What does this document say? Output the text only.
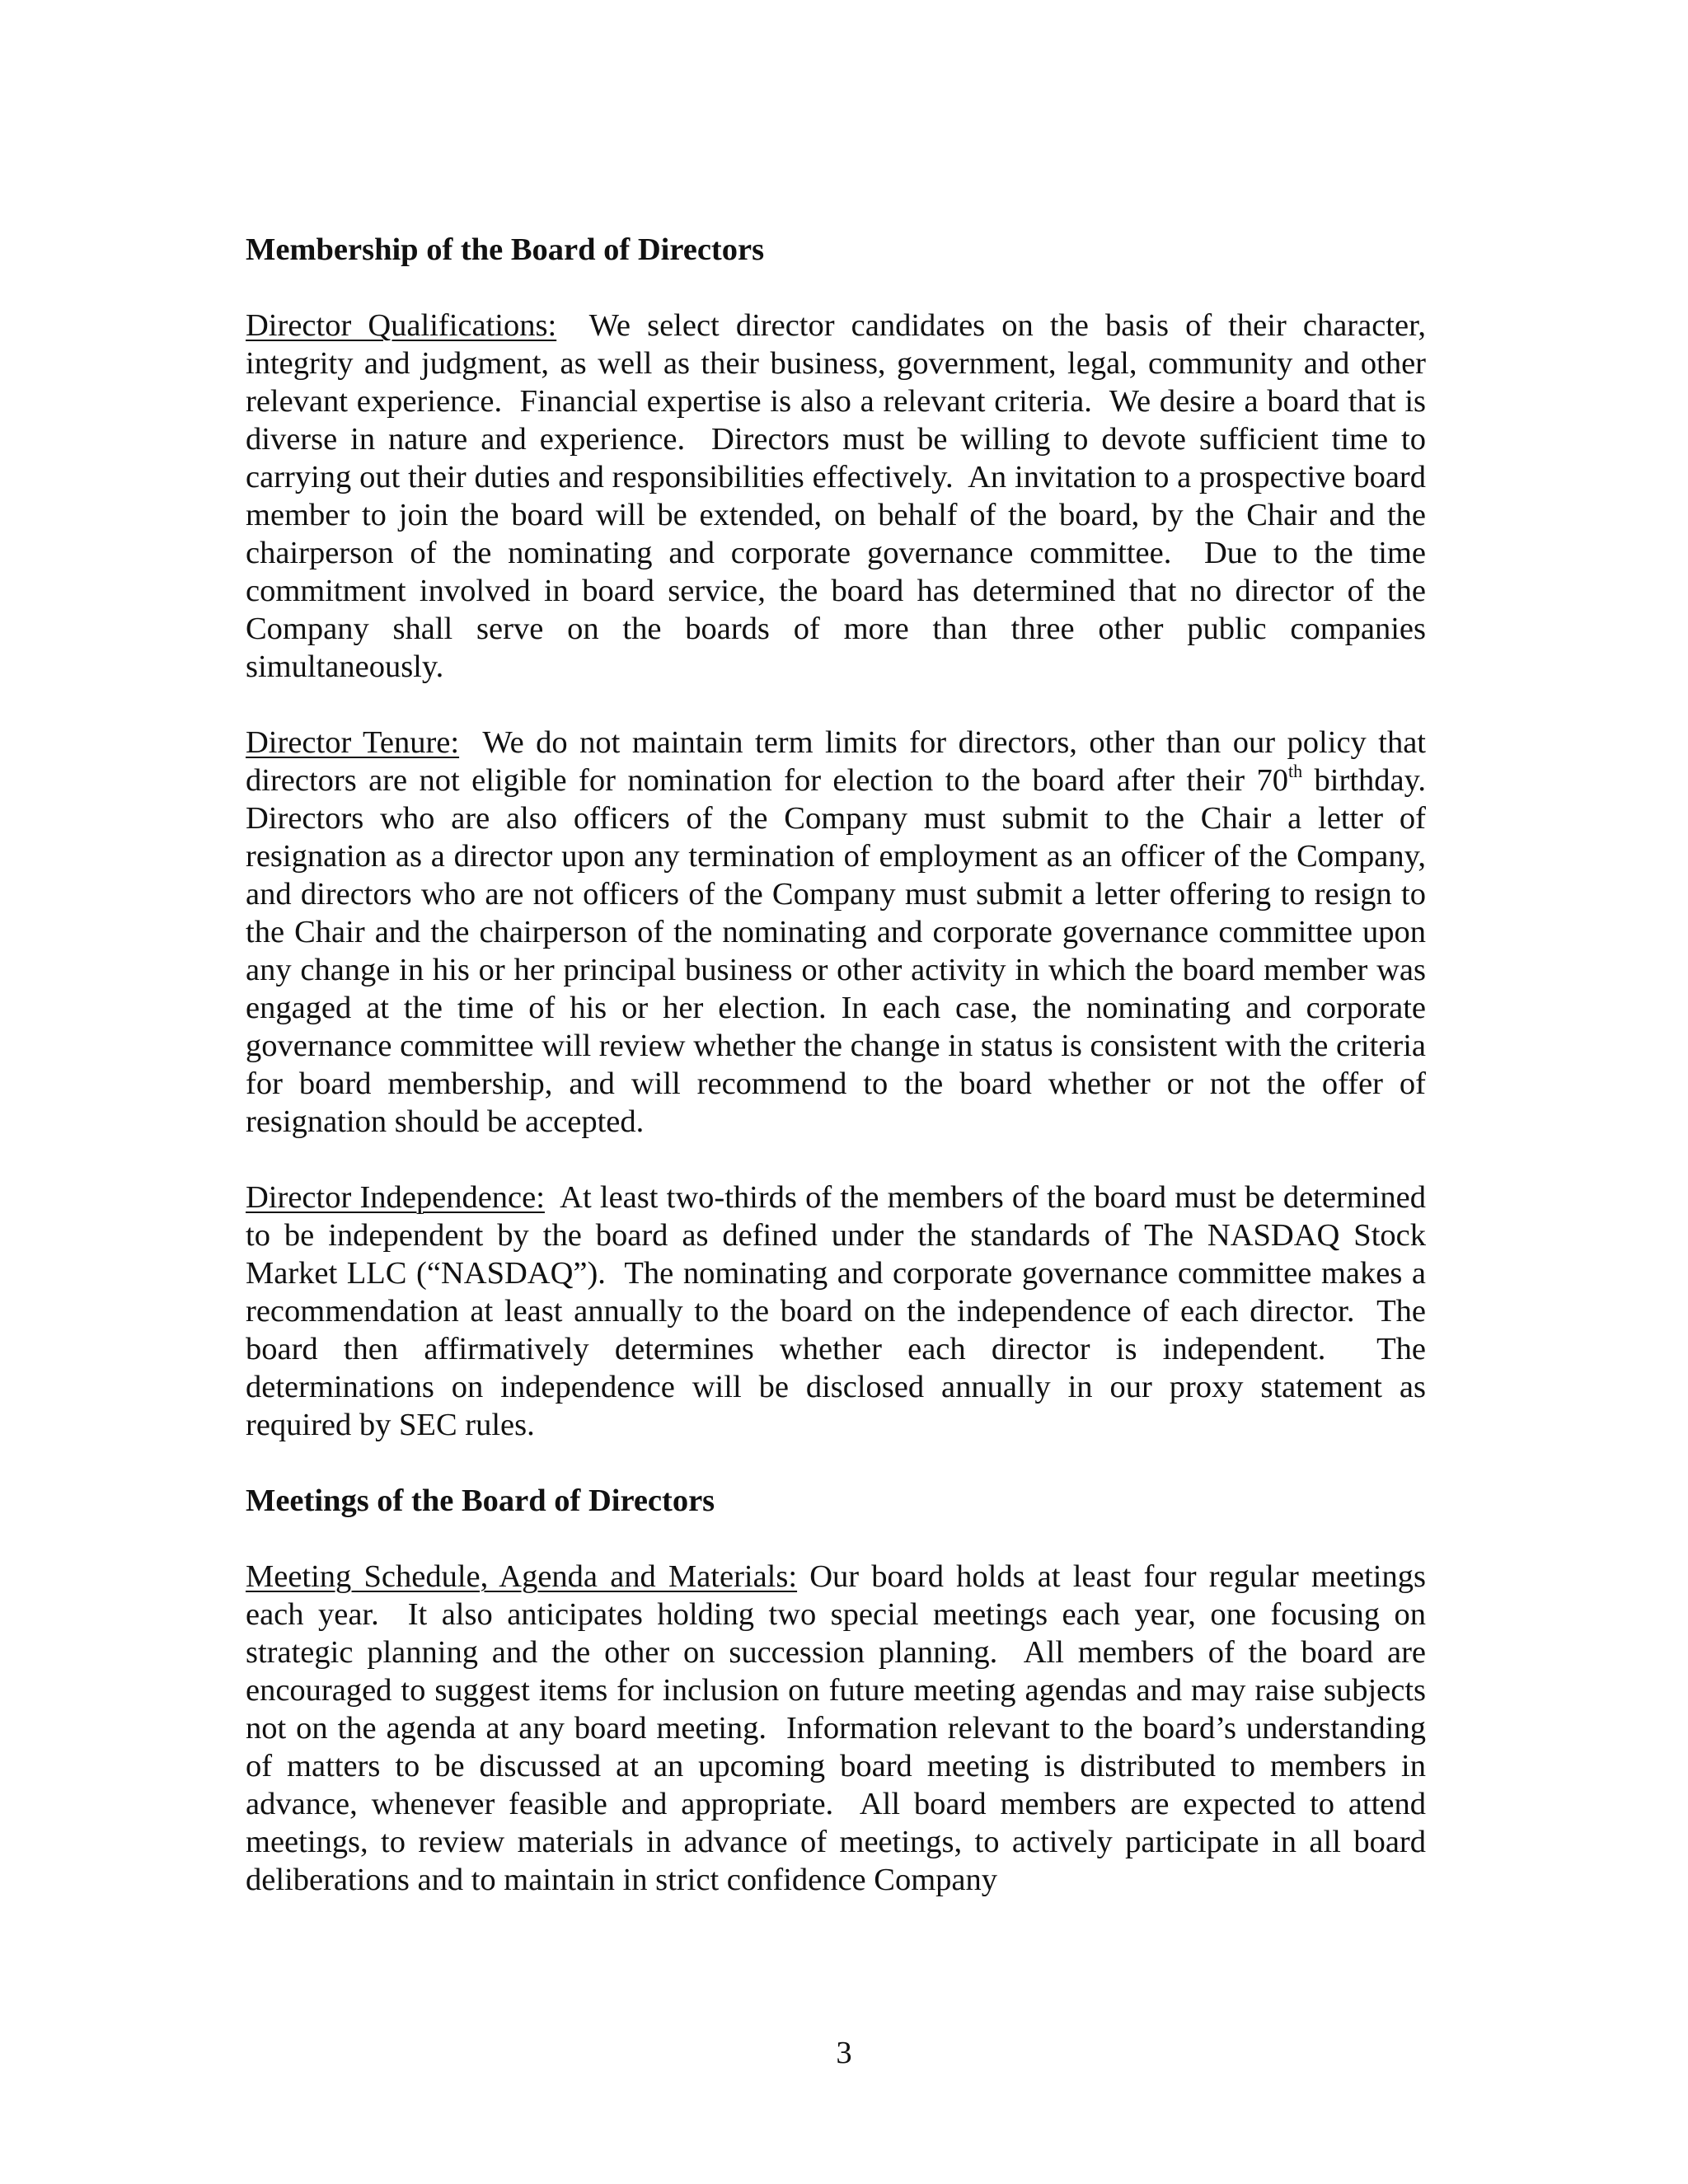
Membership of the Board of Directors
Director Qualifications:  We select director candidates on the basis of their character, integrity and judgment, as well as their business, government, legal, community and other relevant experience.  Financial expertise is also a relevant criteria.  We desire a board that is diverse in nature and experience.  Directors must be willing to devote sufficient time to carrying out their duties and responsibilities effectively.  An invitation to a prospective board member to join the board will be extended, on behalf of the board, by the Chair and the chairperson of the nominating and corporate governance committee.  Due to the time commitment involved in board service, the board has determined that no director of the Company shall serve on the boards of more than three other public companies simultaneously.
Director Tenure:  We do not maintain term limits for directors, other than our policy that directors are not eligible for nomination for election to the board after their 70th birthday.  Directors who are also officers of the Company must submit to the Chair a letter of resignation as a director upon any termination of employment as an officer of the Company, and directors who are not officers of the Company must submit a letter offering to resign to the Chair and the chairperson of the nominating and corporate governance committee upon any change in his or her principal business or other activity in which the board member was engaged at the time of his or her election. In each case, the nominating and corporate governance committee will review whether the change in status is consistent with the criteria for board membership, and will recommend to the board whether or not the offer of resignation should be accepted.
Director Independence:  At least two-thirds of the members of the board must be determined to be independent by the board as defined under the standards of The NASDAQ Stock Market LLC (“NASDAQ”).  The nominating and corporate governance committee makes a recommendation at least annually to the board on the independence of each director.  The board then affirmatively determines whether each director is independent.  The determinations on independence will be disclosed annually in our proxy statement as required by SEC rules.
Meetings of the Board of Directors
Meeting Schedule, Agenda and Materials: Our board holds at least four regular meetings each year.  It also anticipates holding two special meetings each year, one focusing on strategic planning and the other on succession planning.  All members of the board are encouraged to suggest items for inclusion on future meeting agendas and may raise subjects not on the agenda at any board meeting.  Information relevant to the board’s understanding of matters to be discussed at an upcoming board meeting is distributed to members in advance, whenever feasible and appropriate.  All board members are expected to attend meetings, to review materials in advance of meetings, to actively participate in all board deliberations and to maintain in strict confidence Company
3
